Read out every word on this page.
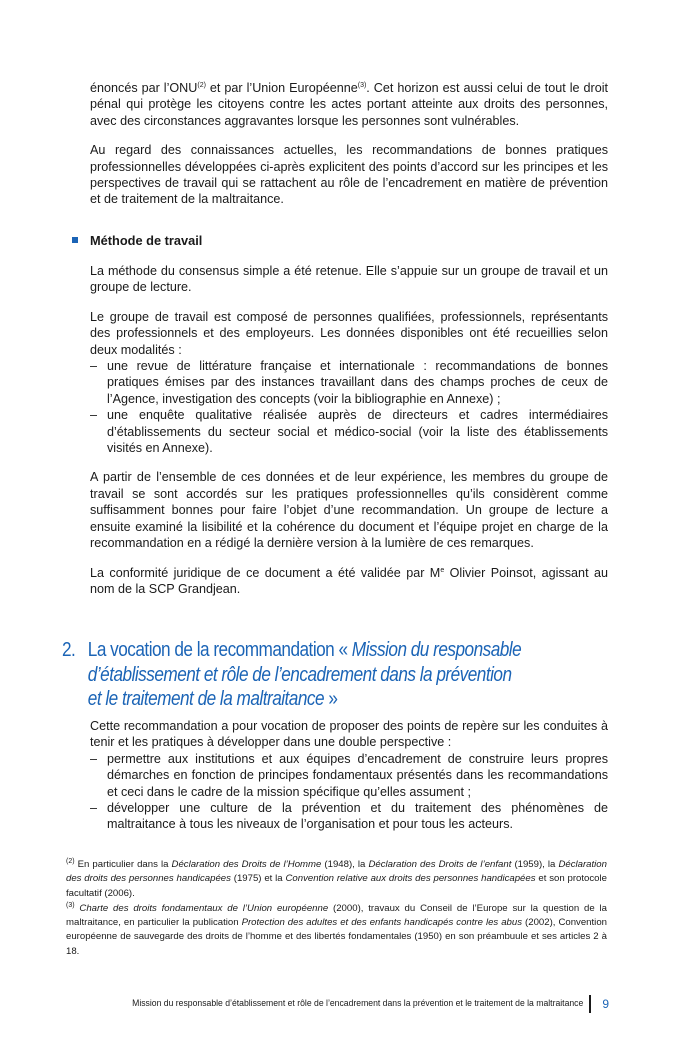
énoncés par l’ONU$^{(2)}$ et par l’Union Européenne$^{(3)}$. Cet horizon est aussi celui de tout le droit pénal qui protège les citoyens contre les actes portant atteinte aux droits des personnes, avec des circonstances aggravantes lorsque les personnes sont vulnérables.

Au regard des connaissances actuelles, les recommandations de bonnes pratiques professionnelles développées ci-après explicitent des points d’accord sur les principes et les perspectives de travail qui se rattachent au rôle de l’encadrement en matière de prévention et de traitement de la maltraitance.

Méthode de travail

La méthode du consensus simple a été retenue. Elle s’appuie sur un groupe de travail et un groupe de lecture.

Le groupe de travail est composé de personnes qualifiées, professionnels, représentants des professionnels et des employeurs. Les données disponibles ont été recueillies selon deux modalités :

– une revue de littérature française et internationale : recommandations de bonnes pratiques émises par des instances travaillant dans des champs proches de ceux de l’Agence, investigation des concepts (voir la bibliographie en Annexe) ;

– une enquête qualitative réalisée auprès de directeurs et cadres intermédiaires d’établissements du secteur social et médico-social (voir la liste des établissements visités en Annexe).

A partir de l’ensemble de ces données et de leur expérience, les membres du groupe de travail se sont accordés sur les pratiques professionnelles qu’ils considèrent comme suffisamment bonnes pour faire l’objet d’une recommandation. Un groupe de lecture a ensuite examiné la lisibilité et la cohérence du document et l’équipe projet en charge de la recommandation en a rédigé la dernière version à la lumière de ces remarques.

La conformité juridique de ce document a été validée par Me Olivier Poinsot, agissant au nom de la SCP Grandjean.

2. La vocation de la recommandation « Mission du responsable
d’établissement et rôle de l’encadrement dans la prévention
et le traitement de la maltraitance »

Cette recommandation a pour vocation de proposer des points de repère sur les conduites à tenir et les pratiques à développer dans une double perspective :

– permettre aux institutions et aux équipes d’encadrement de construire leurs propres démarches en fonction de principes fondamentaux présentés dans les recommandations et ceci dans le cadre de la mission spécifique qu’elles assument ;

– développer une culture de la prévention et du traitement des phénomènes de maltraitance à tous les niveaux de l’organisation et pour tous les acteurs.

$^{(2)}$ En particulier dans la Déclaration des Droits de l’Homme (1948), la Déclaration des Droits de l’enfant (1959), la Déclaration des droits des personnes handicapées (1975) et la Convention relative aux droits des personnes handicapées et son protocole facultatif (2006).

$^{(3)}$ Charte des droits fondamentaux de l’Union européenne (2000), travaux du Conseil de l’Europe sur la question de la maltraitance, en particulier la publication Protection des adultes et des enfants handicapés contre les abus (2002), Convention européenne de sauvegarde des droits de l’homme et des libertés fondamentales (1950) en son préambuule et ses articles 2 à 18.

Mission du responsable d’établissement et rôle de l’encadrement dans la prévention et le traitement de la maltraitance 9
